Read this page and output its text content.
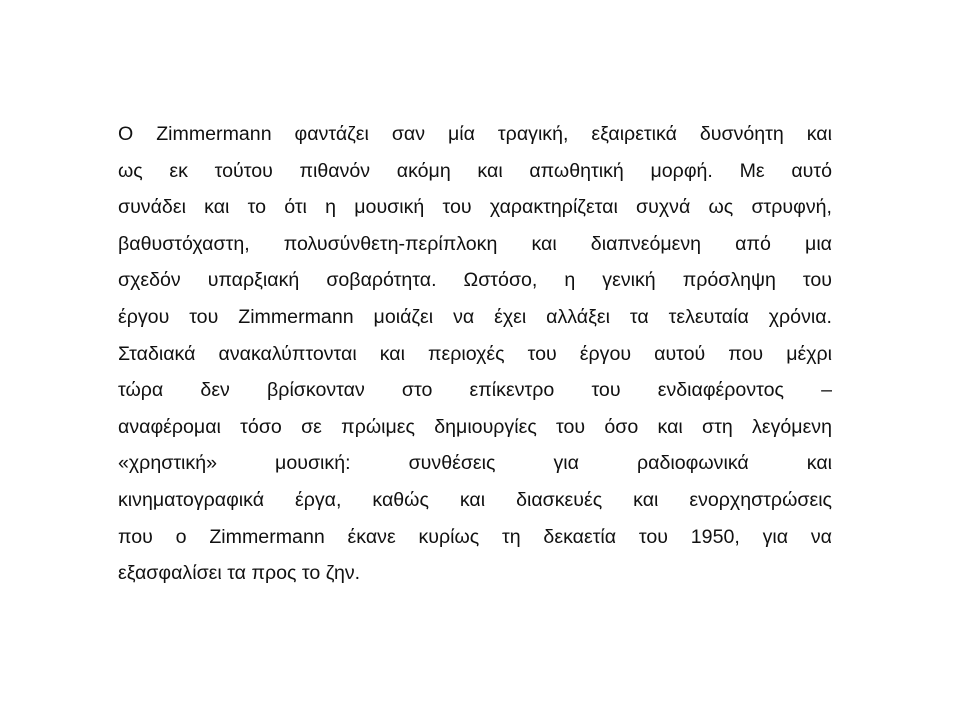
Ο Zimmermann φαντάζει σαν μία τραγική, εξαιρετικά δυσνόητη και
ως εκ τούτου πιθανόν ακόμη και απωθητική μορφή. Με αυτό
συνάδει και το ότι η μουσική του χαρακτηρίζεται συχνά ως στρυφνή,
βαθυστόχαστη, πολυσύνθετη-περίπλοκη και διαπνεόμενη από μια
σχεδόν υπαρξιακή σοβαρότητα. Ωστόσο, η γενική πρόσληψη του
έργου του Zimmermann μοιάζει να έχει αλλάξει τα τελευταία χρόνια.
Σταδιακά ανακαλύπτονται και περιοχές του έργου αυτού που μέχρι
τώρα δεν βρίσκονταν στο επίκεντρο του ενδιαφέροντος –
αναφέρομαι τόσο σε πρώιμες δημιουργίες του όσο και στη λεγόμενη
«χρηστική» μουσική: συνθέσεις για ραδιοφωνικά και
κινηματογραφικά έργα, καθώς και διασκευές και ενορχηστρώσεις
που ο Zimmermann έκανε κυρίως τη δεκαετία του 1950, για να
εξασφαλίσει τα προς το ζην.
